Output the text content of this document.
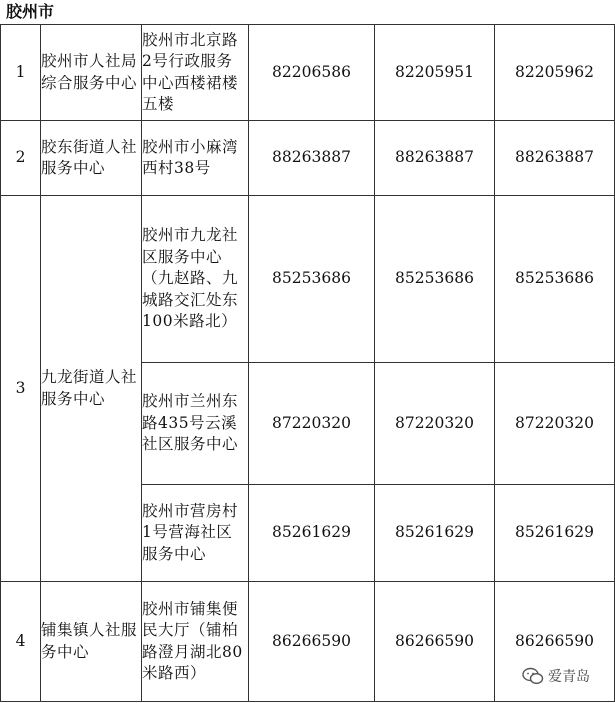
胶州市
1	胶州市人社局综合服务中心	胶州市北京路2号行政服务中心西楼裙楼五楼	82206586	82205951	82205962
2	胶东街道人社服务中心	胶州市小麻湾西村38号	88263887	88263887	88263887
3	九龙街道人社服务中心	胶州市九龙社区服务中心（九赵路、九城路交汇处东100米路北）	85253686	85253686	85253686
		胶州市兰州东路435号云溪社区服务中心	87220320	87220320	87220320
		胶州市营房村1号营海社区服务中心	85261629	85261629	85261629
4	铺集镇人社服务中心	胶州市铺集便民大厅（铺柏路澄月湖北80米路西）	86266590	86266590	86266590
爱青岛
